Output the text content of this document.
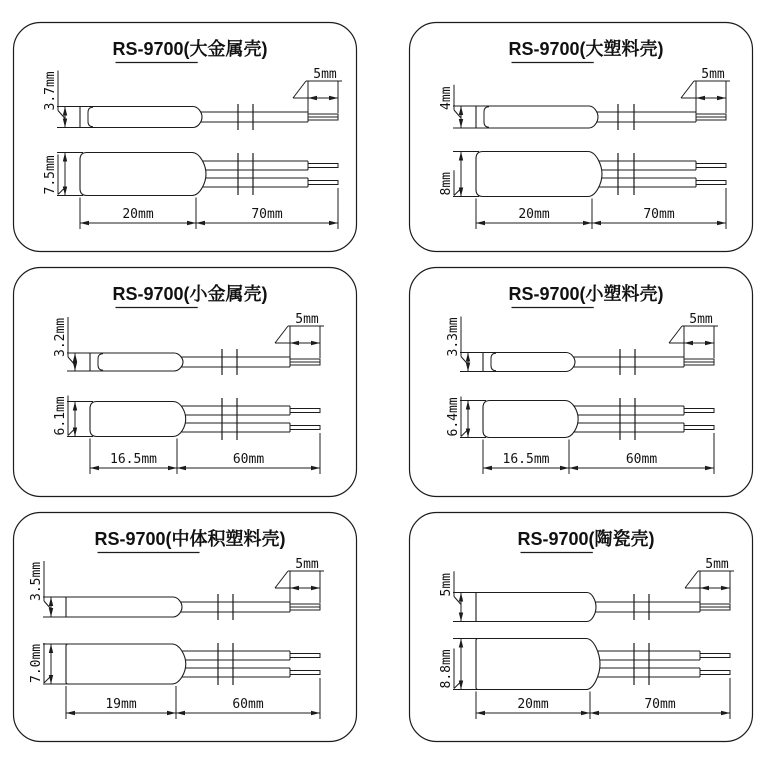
RS-9700(大金属壳)
3.7mm	5mm
7.5mm
20mm	70mm
RS-9700(大塑料壳)
4mm
5mm
8mm
20mm	70mm
RS-9700(小金属壳)
3.2mm	5mm
6.1mm
16.5mm	60mm
RS-9700(小塑料壳)
3.3mm	5mm
6.4mm
16.5mm	60mm
RS-9700(中体积塑料壳)
3.5mm	5mm
7.0mm
19mm	60mm
RS-9700(陶瓷壳)
5mm
5mm
8.8mm
20mm	70mm
